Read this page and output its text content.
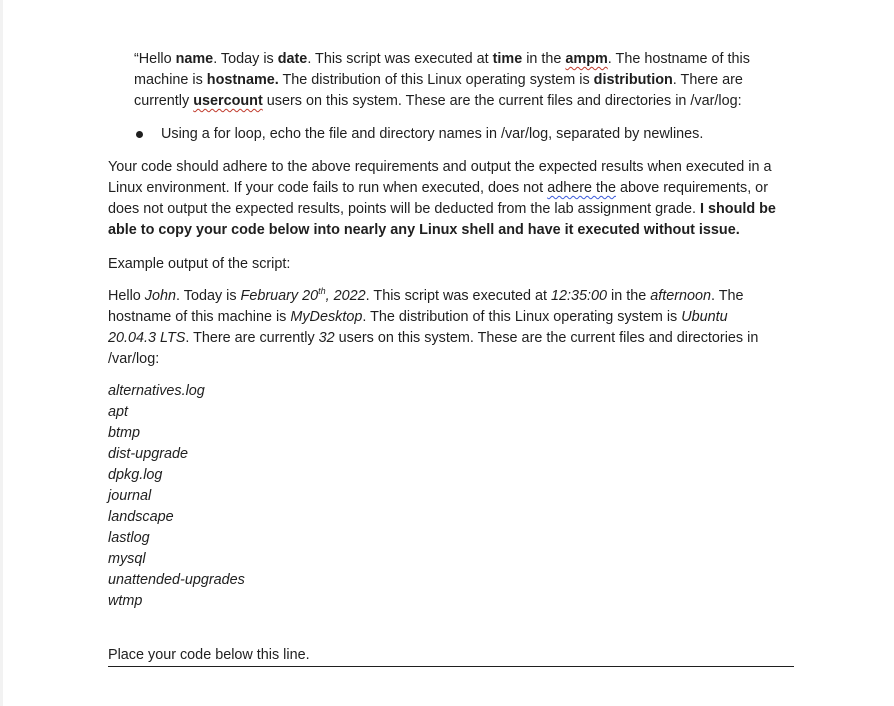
“Hello name. Today is date. This script was executed at time in the ampm. The hostname of this machine is hostname. The distribution of this Linux operating system is distribution. There are currently usercount users on this system. These are the current files and directories in /var/log:

Using a for loop, echo the file and directory names in /var/log, separated by newlines.

Your code should adhere to the above requirements and output the expected results when executed in a Linux environment. If your code fails to run when executed, does not adhere the above requirements, or does not output the expected results, points will be deducted from the lab assignment grade. I should be able to copy your code below into nearly any Linux shell and have it executed without issue.

Example output of the script:

Hello John. Today is February 20th, 2022. This script was executed at 12:35:00 in the afternoon. The hostname of this machine is MyDesktop. The distribution of this Linux operating system is Ubuntu 20.04.3 LTS. There are currently 32 users on this system. These are the current files and directories in /var/log:

alternatives.log
apt
btmp
dist-upgrade
dpkg.log
journal
landscape
lastlog
mysql
unattended-upgrades
wtmp
Place your code below this line.
